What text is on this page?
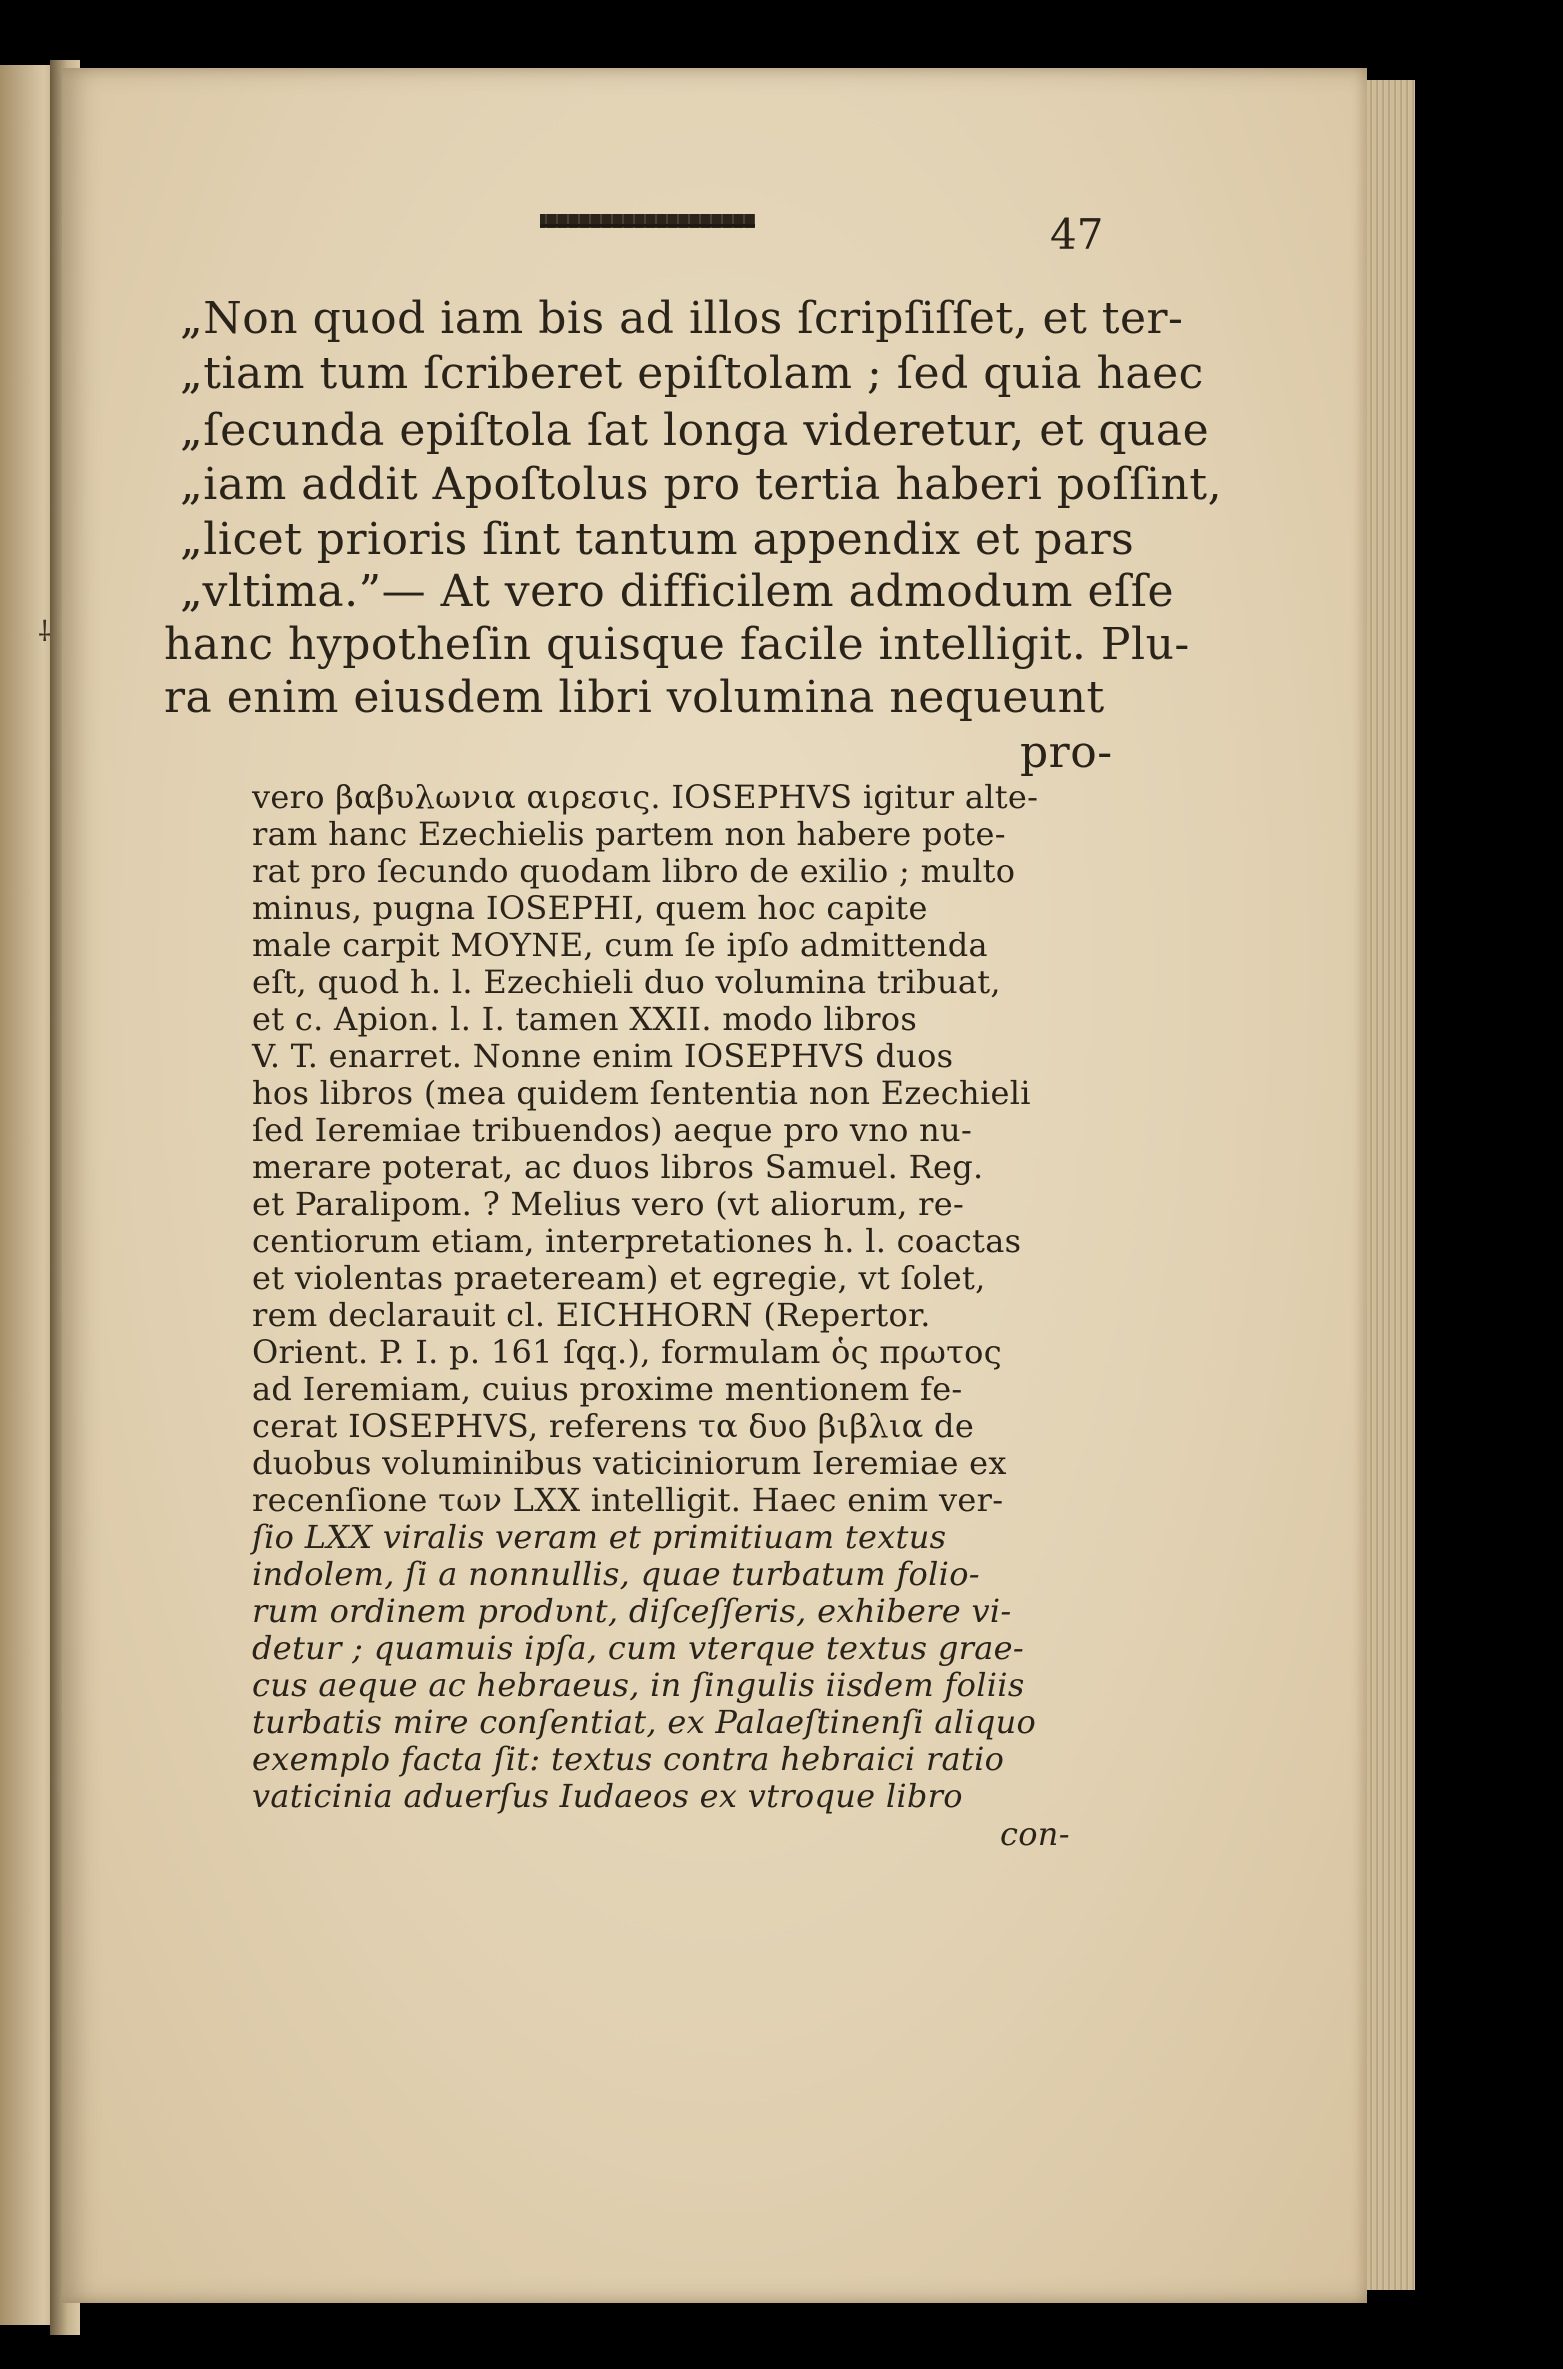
47
⸸
„Non quod iam bis ad illos ſcripſiſſet, et ter-
„tiam tum ſcriberet epiſtolam ; ſed quia haec
„ſecunda epiſtola ſat longa videretur, et quae
„iam addit Apoſtolus pro tertia haberi poſſint,
„licet prioris ſint tantum appendix et pars
„vltima.”— At vero difficilem admodum eſſe
hanc hypotheſin quisque facile intelligit. Plu-
ra enim eiusdem libri volumina nequeunt
pro-
vero βαβυλωνια αιρεσις. IOSEPHVS igitur alte-
ram hanc Ezechielis partem non habere pote-
rat pro ſecundo quodam libro de exilio ; multo
minus, pugna IOSEPHI, quem hoc capite
male carpit MOYNE, cum ſe ipſo admittenda
eſt, quod h. l. Ezechieli duo volumina tribuat,
et c. Apion. l. I. tamen XXII. modo libros
V. T. enarret. Nonne enim IOSEPHVS duos
hos libros (mea quidem ſententia non Ezechieli
ſed Ieremiae tribuendos) aeque pro vno nu-
merare poterat, ac duos libros Samuel. Reg.
et Paralipom. ? Melius vero (vt aliorum, re-
centiorum etiam, interpretationes h. l. coactas
et violentas praeteream) et egregie, vt ſolet,
rem declarauit cl. EICHHORN (Repertor.
Orient. P. I. p. 161 ſqq.), formulam ὁς πρωτος
ad Ieremiam, cuius proxime mentionem fe-
cerat IOSEPHVS, referens τα δυο βιβλια de
duobus voluminibus vaticiniorum Ieremiae ex
recenſione των LXX intelligit. Haec enim ver-
ſio LXX viralis veram et primitiuam textus
indolem, ſi a nonnullis, quae turbatum folio-
rum ordinem prodʋnt, diſceſſeris, exhibere vi-
detur ; quamuis ipſa, cum vterque textus grae-
cus aeque ac hebraeus, in ſingulis iisdem foliis
turbatis mire conſentiat, ex Palaeſtinenſi aliquo
exemplo facta ſit: textus contra hebraici ratio
vaticinia aduerſus Iudaeos ex vtroque libro
con-
